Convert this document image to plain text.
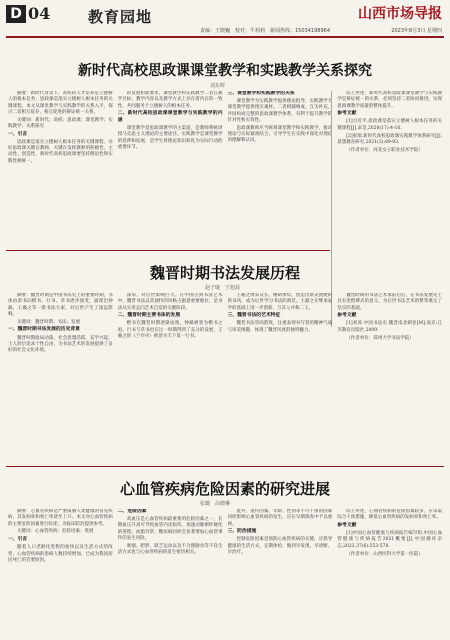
D 04	教育园地	山西市场导报
责编：王晓巍　校对：牛莉莉　新闻热线：15034198964	2023年8月3日 星期四
新时代高校思政课课堂教学和实践教学关系探究
刘东辉

摘要：新时代背景下，高校的人才培养是立德树人的根本任务，思政课是落实立德树人根本任务的关键课程。本文从课堂教学与实践教学的关系入手，探讨二者相互依存、相互促进的辩证统一关系。

关键词：新时代；高校；思政课；课堂教学；实践教学；关系探究

一、引言

思政课是落实立德树人根本任务的关键课程，办好思政课关键在教师，关键在发挥教师的积极性、主动性、创造性。新时代高校思政课要坚持理论性和实践性相统一。

的发展和新要求，课堂教学和实践教学二者在教学目标、教学内容以及教学方式上存在着内在的一致性，共同服务于立德树人的根本任务。

二、新时代高校思政课课堂教学与实践教学的内涵

课堂教学是思政课教学的主渠道，是教师系统讲授马克思主义理论的主要途径。实践教学是课堂教学的延伸和拓展，是学生将理论知识转化为实际行动的重要环节。

三、课堂教学和实践教学的关系

课堂教学为实践教学提供理论指导，实践教学为课堂教学提供现实素材。二者相辅相成、互为补充，共同构成完整的思政课教学体系，有利于提升教学的针对性和实效性。

思政课教师应当统筹课堂教学和实践教学，推动理论与实际紧密结合，引导学生在实践中深化对理论的理解和认同。

综上所述，新时代高校思政课课堂教学与实践教学是辩证统一的关系，必须坚持二者协同推进，实现思政课教学质量的整体提升。

参考文献

[1]习近平.思政课是落实立德树人根本任务的关键课程[J].求是,2020(17):4-16.

[2]张瑞.新时代高校思政课实践教学体系研究[J].思想教育研究,2021(3):89-93.

（作者单位：河北女子职业技术学院）

魏晋时期书法发展历程
赵子璇　王旭晨

摘要：魏晋时期是中国书法史上的重要时期，书体由隶书向楷书、行书、草书逐步演变，涌现出钟繇、王羲之等一批书法大家，对后世产生了深远影响。

关键词：魏晋时期；书法；发展

一、魏晋时期书法发展的历史背景

魏晋时期政局动荡，社会思想活跃，玄学兴起，士人阶层追求个性自由，为书法艺术的发展提供了良好的社会文化环境。

深厚，对后世影响巨大。在中国古典书法艺术中，魏晋书法以其独特的风格占据着重要地位，是书法从实用走向艺术自觉的关键阶段。

二、魏晋时期主要书体的发展

楷书在魏晋时期逐渐成熟，钟繇被誉为楷书之祖。行书与草书也在这一时期得到了充分的发展，王羲之的《兰亭序》被誉为天下第一行书。

王羲之博采众长，精研体势，创造出妍美流便的新书风，成为后世学习书法的典范。王献之在继承家学的基础上进一步创新，与其父并称二王。

三、魏晋书法的艺术特征

魏晋书法崇尚韵致，注重表现书写者的精神气质与审美情趣，体现了魏晋风度的独特魅力。

魏晋时期的书法艺术承前启后，在书法发展史上具有里程碑式的意义，为后世书法艺术的繁荣奠定了坚实的基础。

参考文献

[1]刘涛.中国书法史·魏晋南北朝卷[M].南京:江苏教育出版社,2009.

（作者单位：郑州大学书法学院）

心血管疾病危险因素的研究进展
张璐　高晓琳

摘要：心血管疾病是严重威胁人类健康的常见疾病，其发病率和死亡率逐年上升。本文对心血管疾病的主要危险因素进行综述，为临床防治提供参考。

关键词：心血管疾病；危险因素；进展

一、引言

随着人口老龄化进程的加快以及生活方式的改变，心血管疾病的患病人数持续增加，已成为我国居民死亡的首要原因。

二、危险因素

高血压是心血管疾病最重要的危险因素之一，长期血压升高可导致血管内皮损伤，加速动脉粥样硬化的进程。血脂异常、糖尿病同样会显著增加心血管事件的发生风险。

吸烟、肥胖、缺乏运动以及不合理膳食等不良生活方式也与心血管疾病的发生密切相关。

此外，遗传因素、年龄、性别等不可干预的因素同样影响心血管疾病的发生，应在早期筛查中予以重视。

三、防治措施

控制危险因素是预防心血管疾病的关键，应倡导健康的生活方式，定期体检，做到早发现、早诊断、早治疗。

综上所述，心血管疾病的危险因素较多，应采取综合干预措施，降低心血管疾病的发病率和死亡率。

参考文献

[1]中国心血管健康与疾病报告编写组.中国心血管健康与疾病报告2021概要[J].中国循环杂志,2022,37(6):553-578.

（作者单位：山西医科大学第一医院）
